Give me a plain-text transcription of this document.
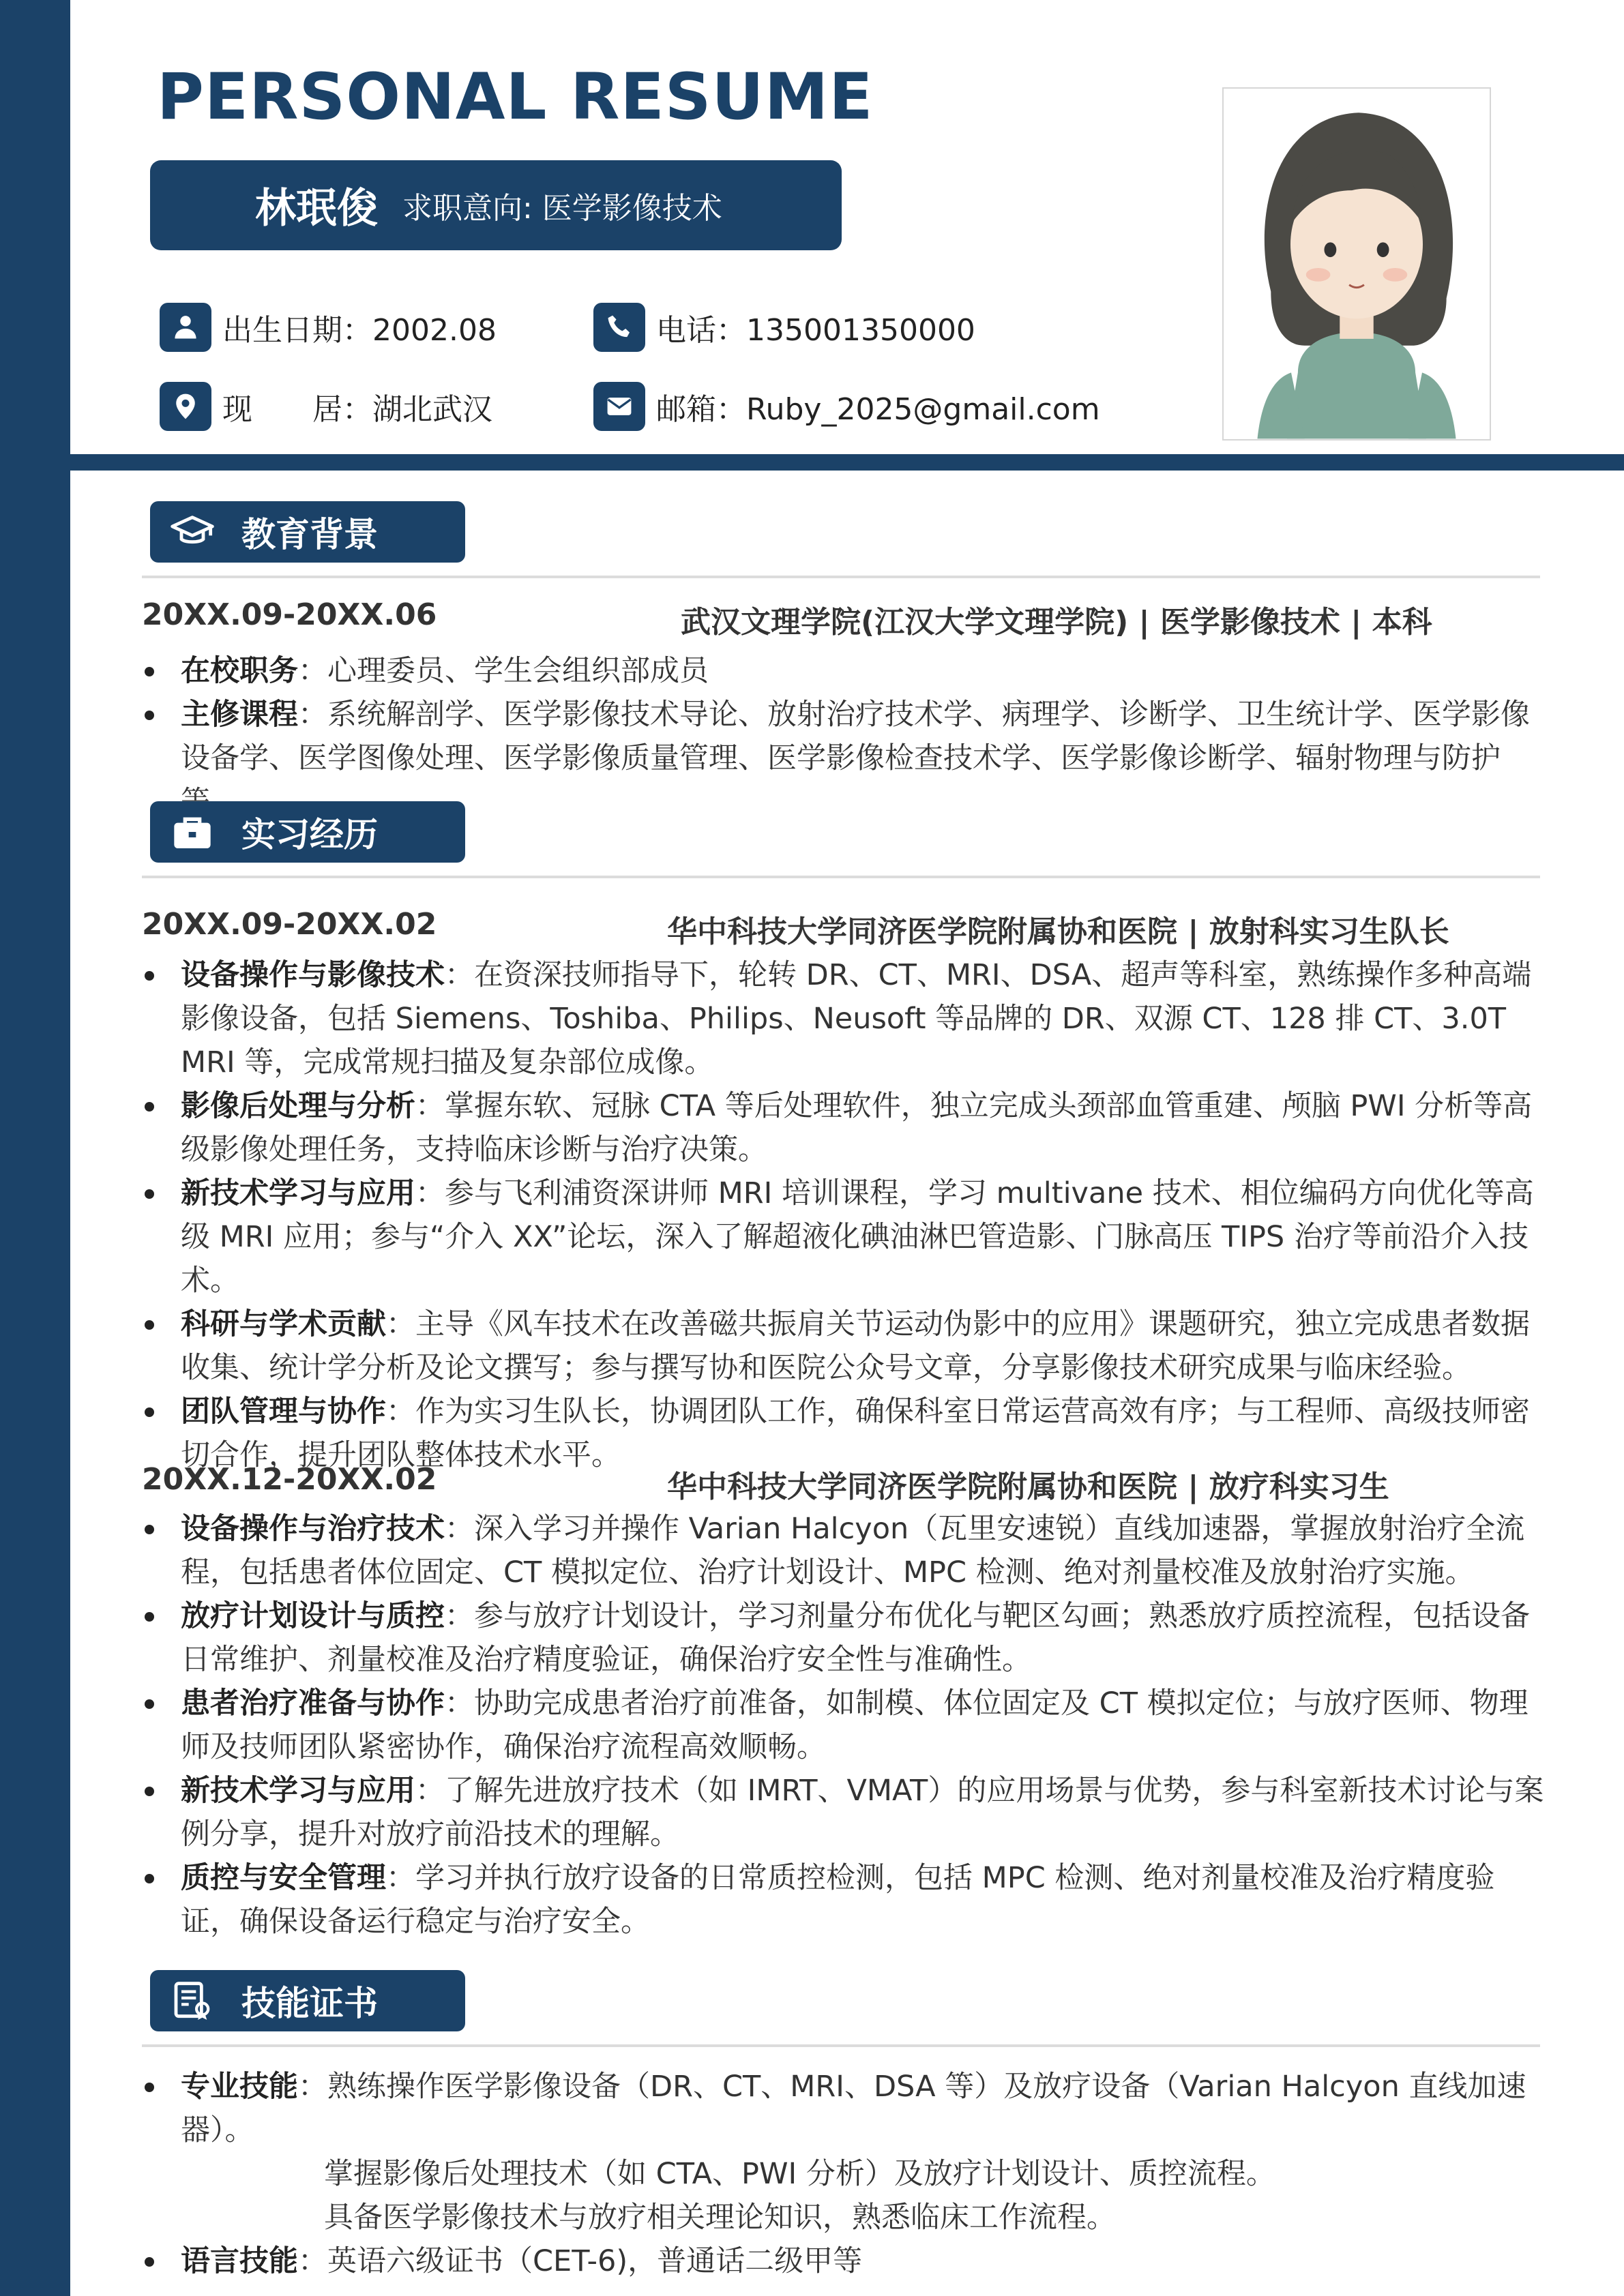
PERSONAL RESUME
林珉俊 求职意向: 医学影像技术
出生日期：2002.08
现　　居：湖北武汉
电话：135001350000
邮箱：Ruby_2025@gmail.com
教育背景
20XX.09-20XX.06	武汉文理学院(江汉大学文理学院) | 医学影像技术 | 本科
在校职务：心理委员、学生会组织部成员
主修课程：系统解剖学、医学影像技术导论、放射治疗技术学、病理学、诊断学、卫生统计学、医学影像设备学、医学图像处理、医学影像质量管理、医学影像检查技术学、医学影像诊断学、辐射物理与防护
实习经历
20XX.09-20XX.02	华中科技大学同济医学院附属协和医院 | 放射科实习生队长
设备操作与影像技术：在资深技师指导下，轮转 DR、CT、MRI、DSA、超声等科室，熟练操作多种高端影像设备，包括 Siemens、Toshiba、Philips、Neusoft 等品牌的 DR、双源 CT、128 排 CT、3.0T MRI 等，完成常规扫描及复杂部位成像。
影像后处理与分析：掌握东软、冠脉 CTA 等后处理软件，独立完成头颈部血管重建、颅脑 PWI 分析等高级影像处理任务，支持临床诊断与治疗决策。
新技术学习与应用：参与飞利浦资深讲师 MRI 培训课程，学习 multivane 技术、相位编码方向优化等高级 MRI 应用；参与“介入 XX”论坛，深入了解超液化碘油淋巴管造影、门脉高压 TIPS 治疗等前沿介入技术。
科研与学术贡献：主导《风车技术在改善磁共振肩关节运动伪影中的应用》课题研究，独立完成患者数据收集、统计学分析及论文撰写；参与撰写协和医院公众号文章，分享影像技术研究成果与临床经验。
团队管理与协作：作为实习生队长，协调团队工作，确保科室日常运营高效有序；与工程师、高级技师密切合作，提升团队整体技术水平。
20XX.12-20XX.02	华中科技大学同济医学院附属协和医院 | 放疗科实习生
设备操作与治疗技术：深入学习并操作 Varian Halcyon（瓦里安速锐）直线加速器，掌握放射治疗全流程，包括患者体位固定、CT 模拟定位、治疗计划设计、MPC 检测、绝对剂量校准及放射治疗实施。
放疗计划设计与质控：参与放疗计划设计，学习剂量分布优化与靶区勾画；熟悉放疗质控流程，包括设备日常维护、剂量校准及治疗精度验证，确保治疗安全性与准确性。
患者治疗准备与协作：协助完成患者治疗前准备，如制模、体位固定及 CT 模拟定位；与放疗医师、物理师及技师团队紧密协作，确保治疗流程高效顺畅。
新技术学习与应用：了解先进放疗技术（如 IMRT、VMAT）的应用场景与优势，参与科室新技术讨论与案例分享，提升对放疗前沿技术的理解。
质控与安全管理：学习并执行放疗设备的日常质控检测，包括 MPC 检测、绝对剂量校准及治疗精度验证，确保设备运行稳定与治疗安全。
技能证书
专业技能：熟练操作医学影像设备（DR、CT、MRI、DSA 等）及放疗设备（Varian Halcyon 直线加速器）。
掌握影像后处理技术（如 CTA、PWI 分析）及放疗计划设计、质控流程。
具备医学影像技术与放疗相关理论知识，熟悉临床工作流程。
语言技能：英语六级证书（CET-6)，普通话二级甲等
